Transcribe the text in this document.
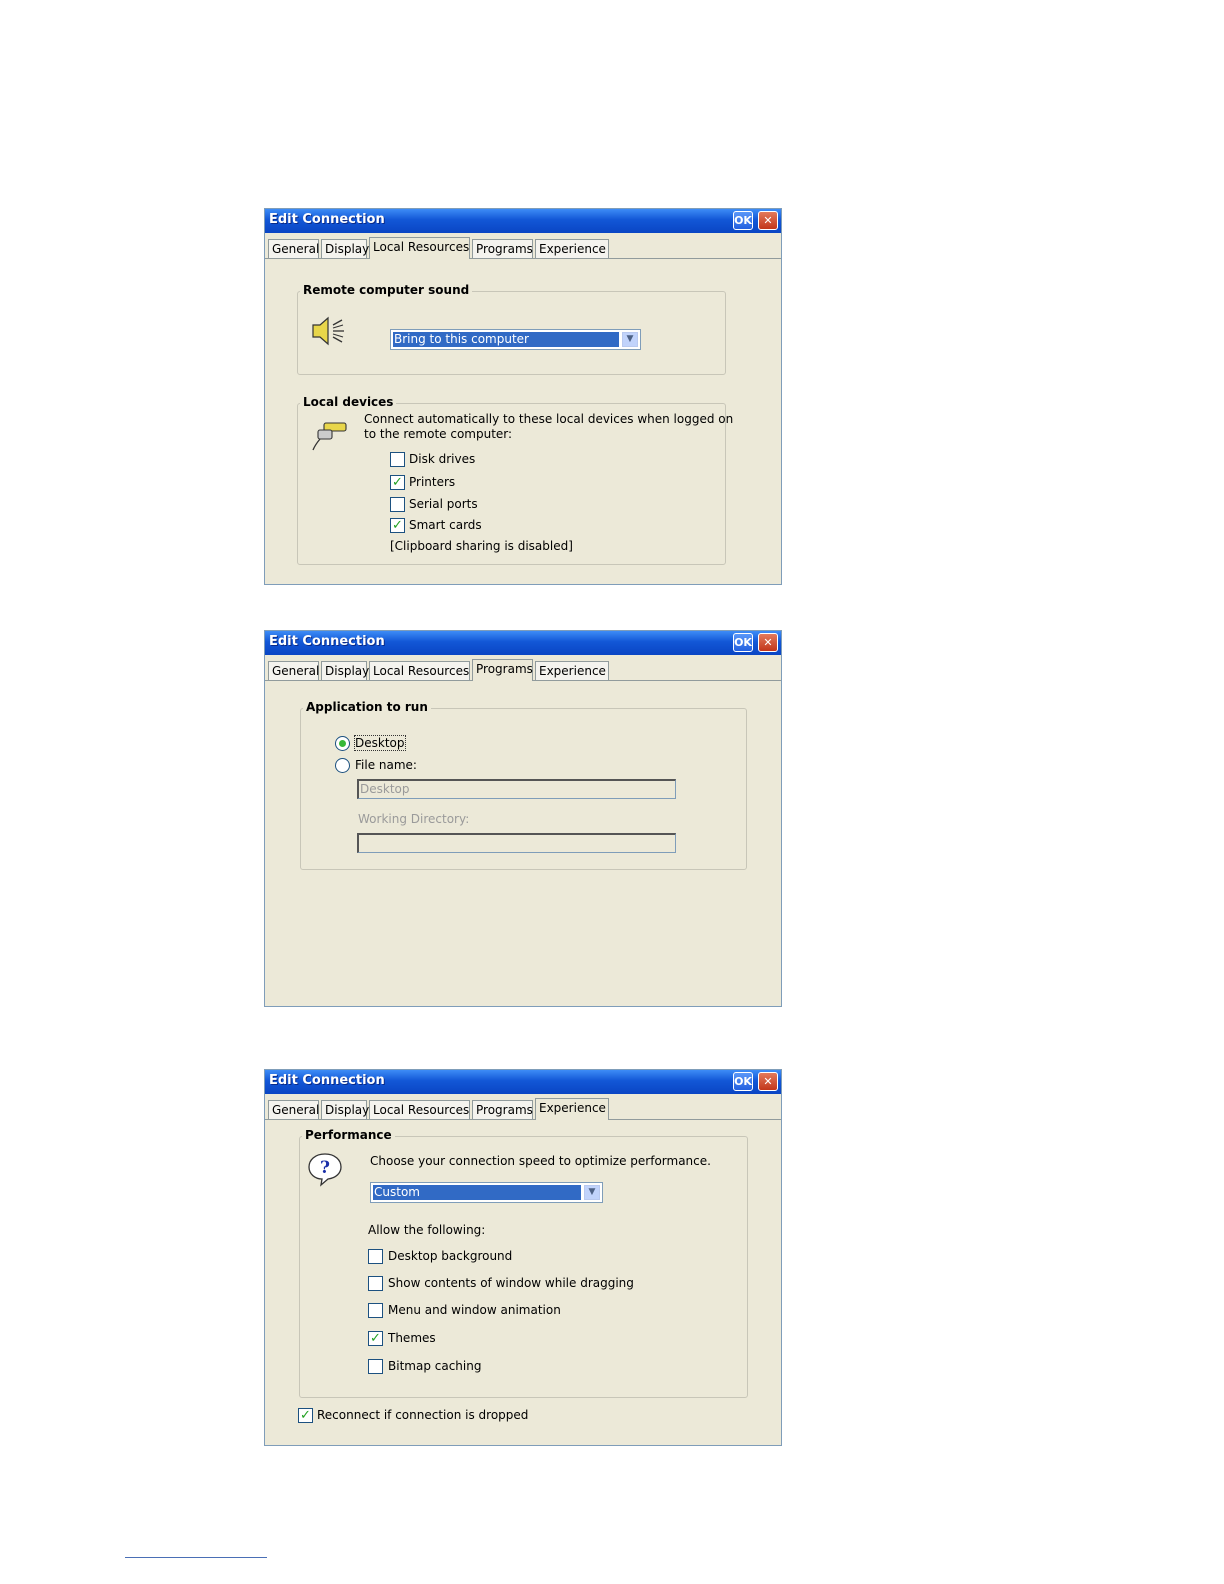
Edit Connection	OK	✕
General Display Local Resources Programs Experience
Remote computer sound
Bring to this computer	▼
Local devices
Connect automatically to these local devices when logged on
to the remote computer:
Disk drives
✓ Printers
Serial ports
✓ Smart cards
[Clipboard sharing is disabled]
Edit Connection	OK	✕
General Display Local Resources Programs Experience
Application to run
Desktop
File name:
Desktop
Working Directory:
Edit Connection	OK	✕
General Display Local Resources Programs Experience
Performance
?	Choose your connection speed to optimize performance.
Custom	▼
Allow the following:
Desktop background
Show contents of window while dragging
Menu and window animation
✓ Themes
Bitmap caching
✓ Reconnect if connection is dropped
